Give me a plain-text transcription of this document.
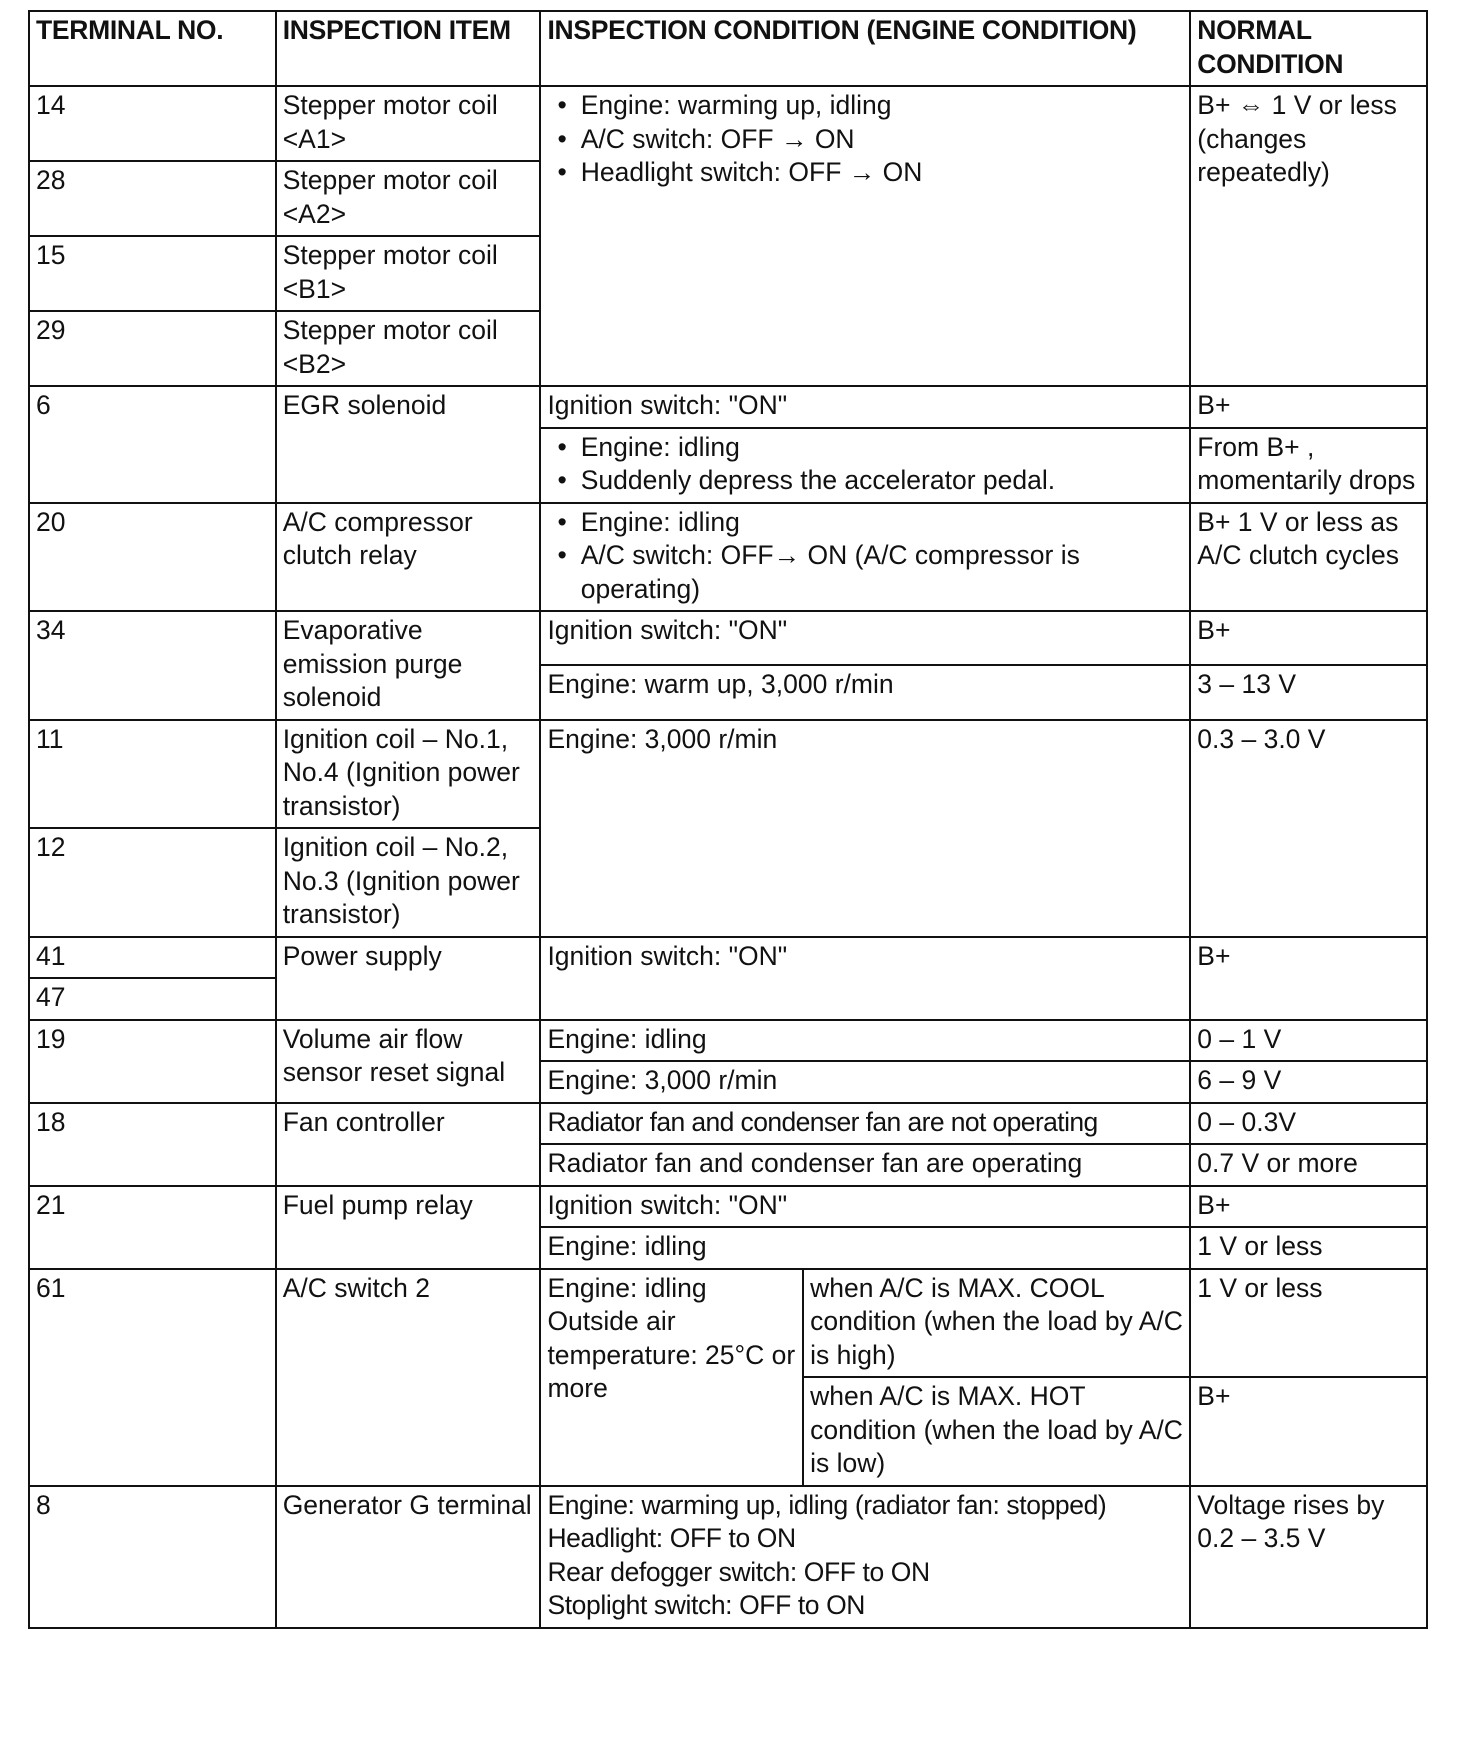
TERMINAL NO.	INSPECTION ITEM	INSPECTION CONDITION (ENGINE CONDITION)		NORMAL CONDITION
14	Stepper motor coil <A1>	• Engine: warming up, idling
• A/C switch: OFF → ON
• Headlight switch: OFF → ON		B+ ⇔ 1 V or less (changes repeatedly)
28	Stepper motor coil <A2>			
15	Stepper motor coil <B1>			
29	Stepper motor coil <B2>			
6	EGR solenoid	Ignition switch: "ON"		B+

		• Engine: idling
• Suddenly depress the accelerator pedal.		From B+ , momentarily drops
20	A/C compressor clutch relay	• Engine: idling
• A/C switch: OFF→ ON (A/C compressor is operating)		B+ 1 V or less as A/C clutch cycles
34	Evaporative emission purge solenoid	Ignition switch: "ON"		B+
		Engine: warm up, 3,000 r/min		3 – 13 V
11	Ignition coil – No.1, No.4 (Ignition power transistor)	Engine: 3,000 r/min		0.3 – 3.0 V
12	Ignition coil – No.2, No.3 (Ignition power transistor)			
41	Power supply	Ignition switch: "ON"		B+
47				
19	Volume air flow sensor reset signal	Engine: idling		0 – 1 V
		Engine: 3,000 r/min		6 – 9 V
18	Fan controller	Radiator fan and condenser fan are not operating		0 – 0.3V
		Radiator fan and condenser fan are operating		0.7 V or more
21	Fuel pump relay	Ignition switch: "ON"		B+
		Engine: idling		1 V or less
61	A/C switch 2	Engine: idling Outside air temperature: 25°C or more	when A/C is MAX. COOL condition (when the load by A/C is high)	1 V or less
			when A/C is MAX. HOT condition (when the load by A/C is low)	B+
8	Generator G terminal	Engine: warming up, idling (radiator fan: stopped)
Headlight: OFF to ON
Rear defogger switch: OFF to ON
Stoplight switch: OFF to ON		Voltage rises by 0.2 – 3.5 V
